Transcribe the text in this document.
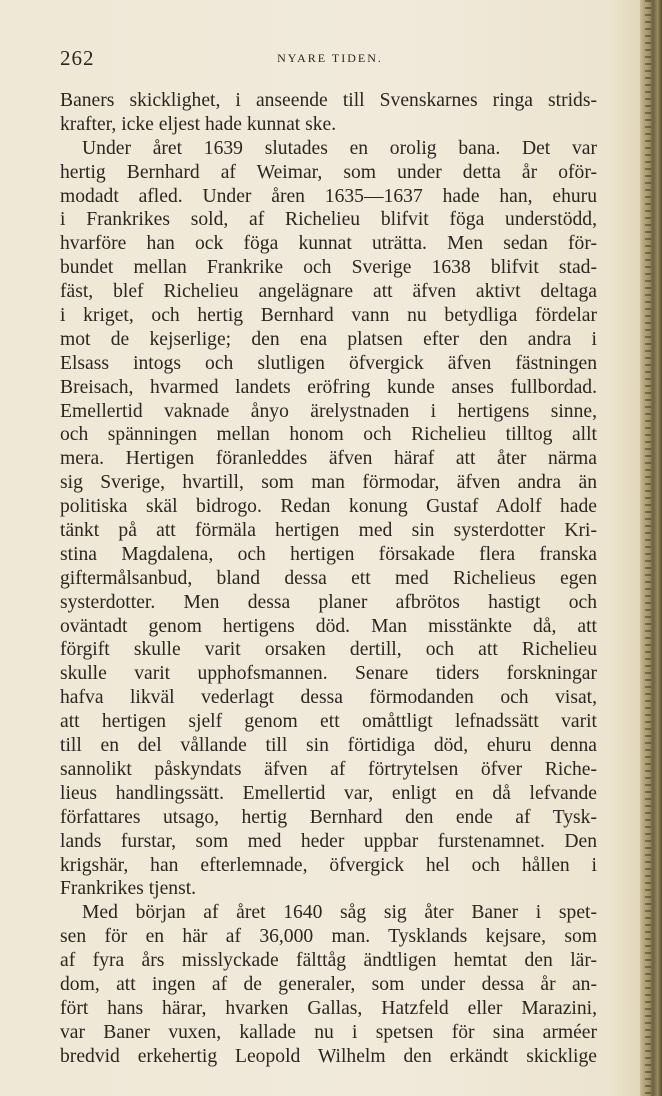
262	NYARE TIDEN.
Baners skicklighet, i anseende till Svenskarnes ringa strids-
krafter, icke eljest hade kunnat ske.
Under året 1639 slutades en orolig bana. Det var
hertig Bernhard af Weimar, som under detta år oför-
modadt afled. Under åren 1635—1637 hade han, ehuru
i Frankrikes sold, af Richelieu blifvit föga understödd,
hvarföre han ock föga kunnat uträtta. Men sedan för-
bundet mellan Frankrike och Sverige 1638 blifvit stad-
fäst, blef Richelieu angelägnare att äfven aktivt deltaga
i kriget, och hertig Bernhard vann nu betydliga fördelar
mot de kejserlige; den ena platsen efter den andra i
Elsass intogs och slutligen öfvergick äfven fästningen
Breisach, hvarmed landets eröfring kunde anses fullbordad.
Emellertid vaknade ånyo ärelystnaden i hertigens sinne,
och spänningen mellan honom och Richelieu tilltog allt
mera. Hertigen föranleddes äfven häraf att åter närma
sig Sverige, hvartill, som man förmodar, äfven andra än
politiska skäl bidrogo. Redan konung Gustaf Adolf hade
tänkt på att förmäla hertigen med sin systerdotter Kri-
stina Magdalena, och hertigen försakade flera franska
giftermålsanbud, bland dessa ett med Richelieus egen
systerdotter. Men dessa planer afbrötos hastigt och
oväntadt genom hertigens död. Man misstänkte då, att
förgift skulle varit orsaken dertill, och att Richelieu
skulle varit upphofsmannen. Senare tiders forskningar
hafva likväl vederlagt dessa förmodanden och visat,
att hertigen sjelf genom ett omåttligt lefnadssätt varit
till en del vållande till sin förtidiga död, ehuru denna
sannolikt påskyndats äfven af förtrytelsen öfver Riche-
lieus handlingssätt. Emellertid var, enligt en då lefvande
författares utsago, hertig Bernhard den ende af Tysk-
lands furstar, som med heder uppbar furstenamnet. Den
krigshär, han efterlemnade, öfvergick hel och hållen i
Frankrikes tjenst.
Med början af året 1640 såg sig åter Baner i spet-
sen för en här af 36,000 man. Tysklands kejsare, som
af fyra års misslyckade fälttåg ändtligen hemtat den lär-
dom, att ingen af de generaler, som under dessa år an-
fört hans härar, hvarken Gallas, Hatzfeld eller Marazini,
var Baner vuxen, kallade nu i spetsen för sina arméer
bredvid erkehertig Leopold Wilhelm den erkändt skicklige
